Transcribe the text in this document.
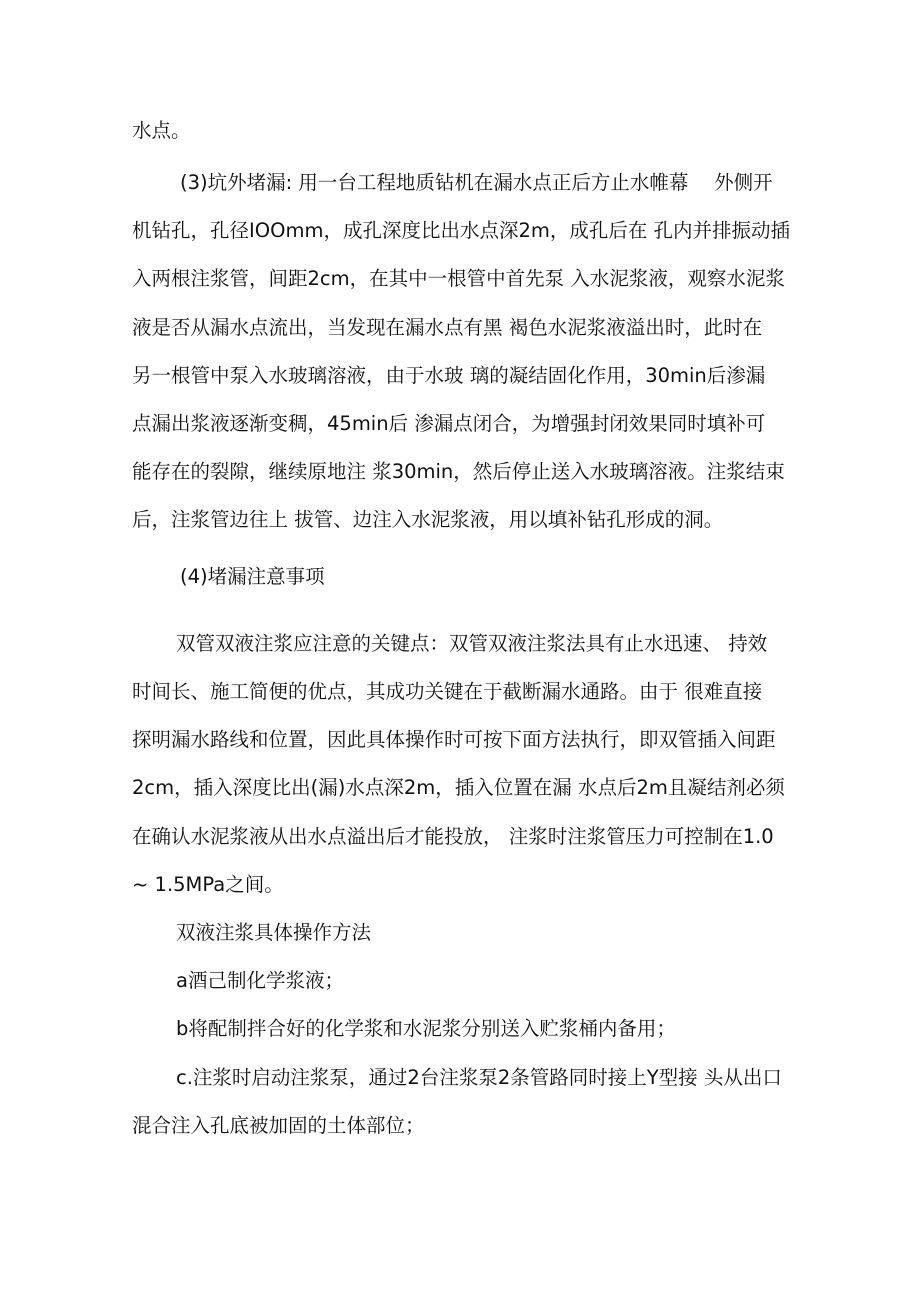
水点。
(3)坑外堵漏: 用一台工程地质钻机在漏水点正后方止水帷幕　 外侧开
机钻孔，孔径IOOmm，成孔深度比出水点深2m，成孔后在 孔内并排振动插
入两根注浆管，间距2cm，在其中一根管中首先泵 入水泥浆液，观察水泥浆
液是否从漏水点流出，当发现在漏水点有黑 褐色水泥浆液溢出时，此时在
另一根管中泵入水玻璃溶液，由于水玻 璃的凝结固化作用，30min后渗漏
点漏出浆液逐渐变稠，45min后 渗漏点闭合，为增强封闭效果同时填补可
能存在的裂隙，继续原地注 浆30min，然后停止送入水玻璃溶液。注浆结束
后，注浆管边往上 拔管、边注入水泥浆液，用以填补钻孔形成的洞。
(4)堵漏注意事项
双管双液注浆应注意的关键点：双管双液注浆法具有止水迅速、 持效
时间长、施工简便的优点，其成功关键在于截断漏水通路。由于 很难直接
探明漏水路线和位置，因此具体操作时可按下面方法执行，即双管插入间距
2cm，插入深度比出(漏)水点深2m，插入位置在漏 水点后2m且凝结剂必须
在确认水泥浆液从出水点溢出后才能投放， 注浆时注浆管压力可控制在1.0
~ 1.5MPa之间。
双液注浆具体操作方法
a酒己制化学浆液；
b将配制拌合好的化学浆和水泥浆分别送入贮浆桶内备用；
c.注浆时启动注浆泵，通过2台注浆泵2条管路同时接上Y型接 头从出口
混合注入孔底被加固的土体部位；
